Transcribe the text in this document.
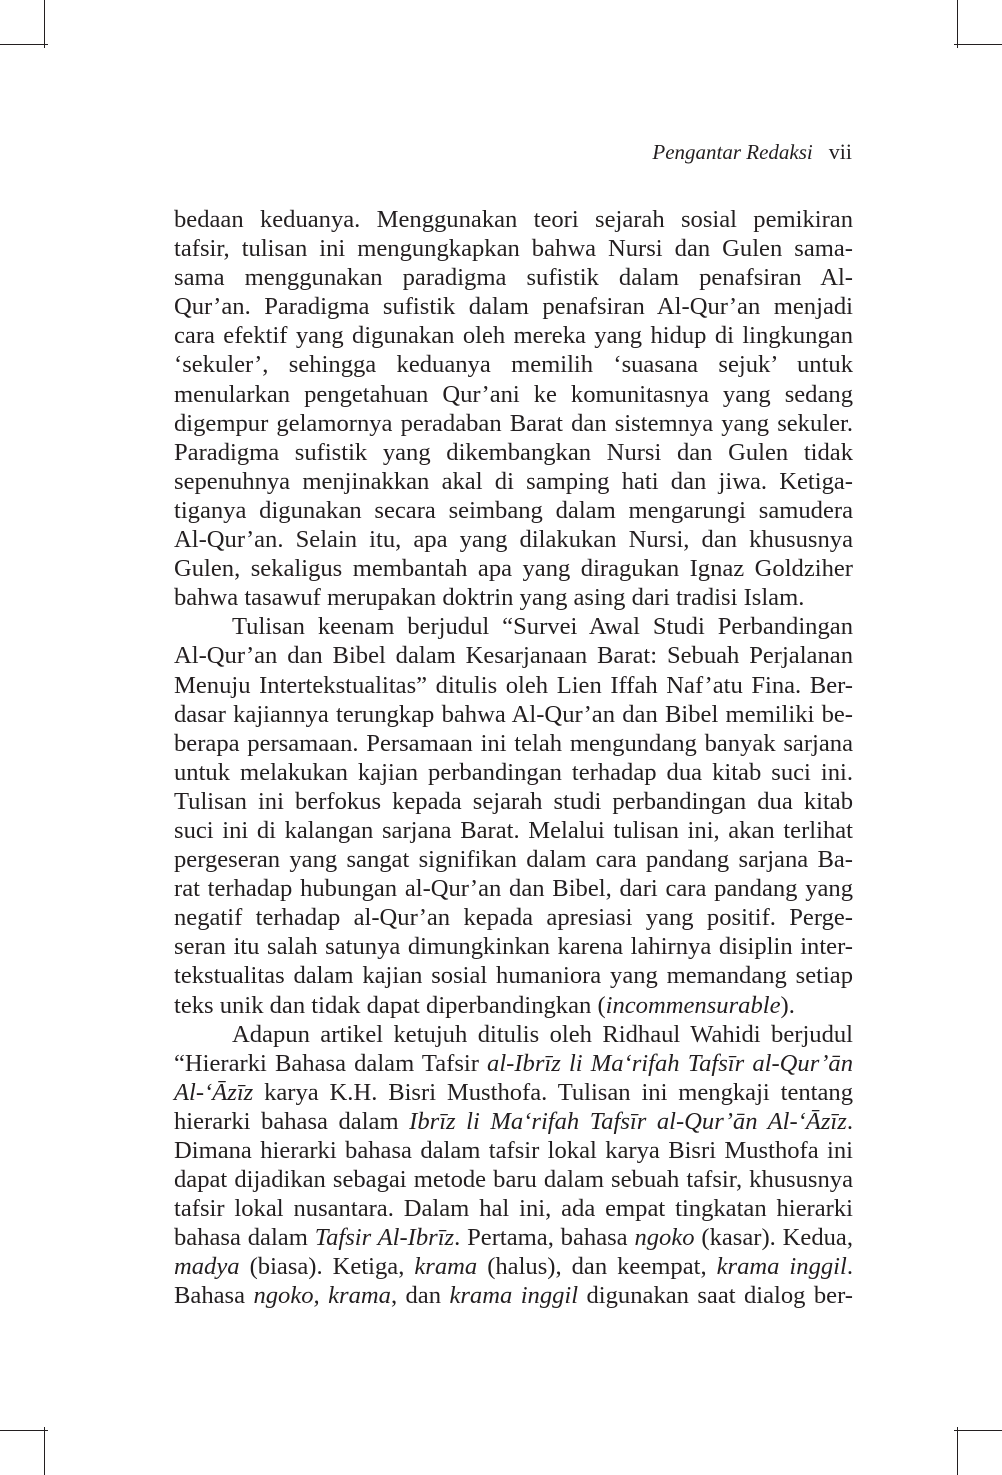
Pengantar Redaksi vii

bedaan keduanya. Menggunakan teori sejarah sosial pemikiran

tafsir, tulisan ini mengungkapkan bahwa Nursi dan Gulen sama-

sama menggunakan paradigma sufistik dalam penafsiran Al-

Qur’an. Paradigma sufistik dalam penafsiran Al-Qur’an menjadi

cara efektif yang digunakan oleh mereka yang hidup di lingkungan

‘sekuler’, sehingga keduanya memilih ‘suasana sejuk’ untuk

menularkan pengetahuan Qur’ani ke komunitasnya yang sedang

digempur gelamornya peradaban Barat dan sistemnya yang sekuler.

Paradigma sufistik yang dikembangkan Nursi dan Gulen tidak

sepenuhnya menjinakkan akal di samping hati dan jiwa. Ketiga-

tiganya digunakan secara seimbang dalam mengarungi samudera

Al-Qur’an. Selain itu, apa yang dilakukan Nursi, dan khususnya

Gulen, sekaligus membantah apa yang diragukan Ignaz Goldziher

bahwa tasawuf merupakan doktrin yang asing dari tradisi Islam.

Tulisan keenam berjudul “Survei Awal Studi Perbandingan

Al-Qur’an dan Bibel dalam Kesarjanaan Barat: Sebuah Perjalanan

Menuju Intertekstualitas” ditulis oleh Lien Iffah Naf’atu Fina. Ber-

dasar kajiannya terungkap bahwa Al-Qur’an dan Bibel memiliki be-

berapa persamaan. Persamaan ini telah mengundang banyak sarjana

untuk melakukan kajian perbandingan terhadap dua kitab suci ini.

Tulisan ini berfokus kepada sejarah studi perbandingan dua kitab

suci ini di kalangan sarjana Barat. Melalui tulisan ini, akan terlihat

pergeseran yang sangat signifikan dalam cara pandang sarjana Ba-

rat terhadap hubungan al-Qur’an dan Bibel, dari cara pandang yang

negatif terhadap al-Qur’an kepada apresiasi yang positif. Perge-

seran itu salah satunya dimungkinkan karena lahirnya disiplin inter-

tekstualitas dalam kajian sosial humaniora yang memandang setiap

teks unik dan tidak dapat diperbandingkan (incommensurable).

Adapun artikel ketujuh ditulis oleh Ridhaul Wahidi berjudul

“Hierarki Bahasa dalam Tafsir al-Ibrīz li Ma‘rifah Tafsīr al-Qur’ān

Al-‘Āzīz karya K.H. Bisri Musthofa. Tulisan ini mengkaji tentang

hierarki bahasa dalam Ibrīz li Ma‘rifah Tafsīr al-Qur’ān Al-‘Āzīz.

Dimana hierarki bahasa dalam tafsir lokal karya Bisri Musthofa ini

dapat dijadikan sebagai metode baru dalam sebuah tafsir, khususnya

tafsir lokal nusantara. Dalam hal ini, ada empat tingkatan hierarki

bahasa dalam Tafsir Al-Ibrīz. Pertama, bahasa ngoko (kasar). Kedua,

madya (biasa). Ketiga, krama (halus), dan keempat, krama inggil.

Bahasa ngoko, krama, dan krama inggil digunakan saat dialog ber-
